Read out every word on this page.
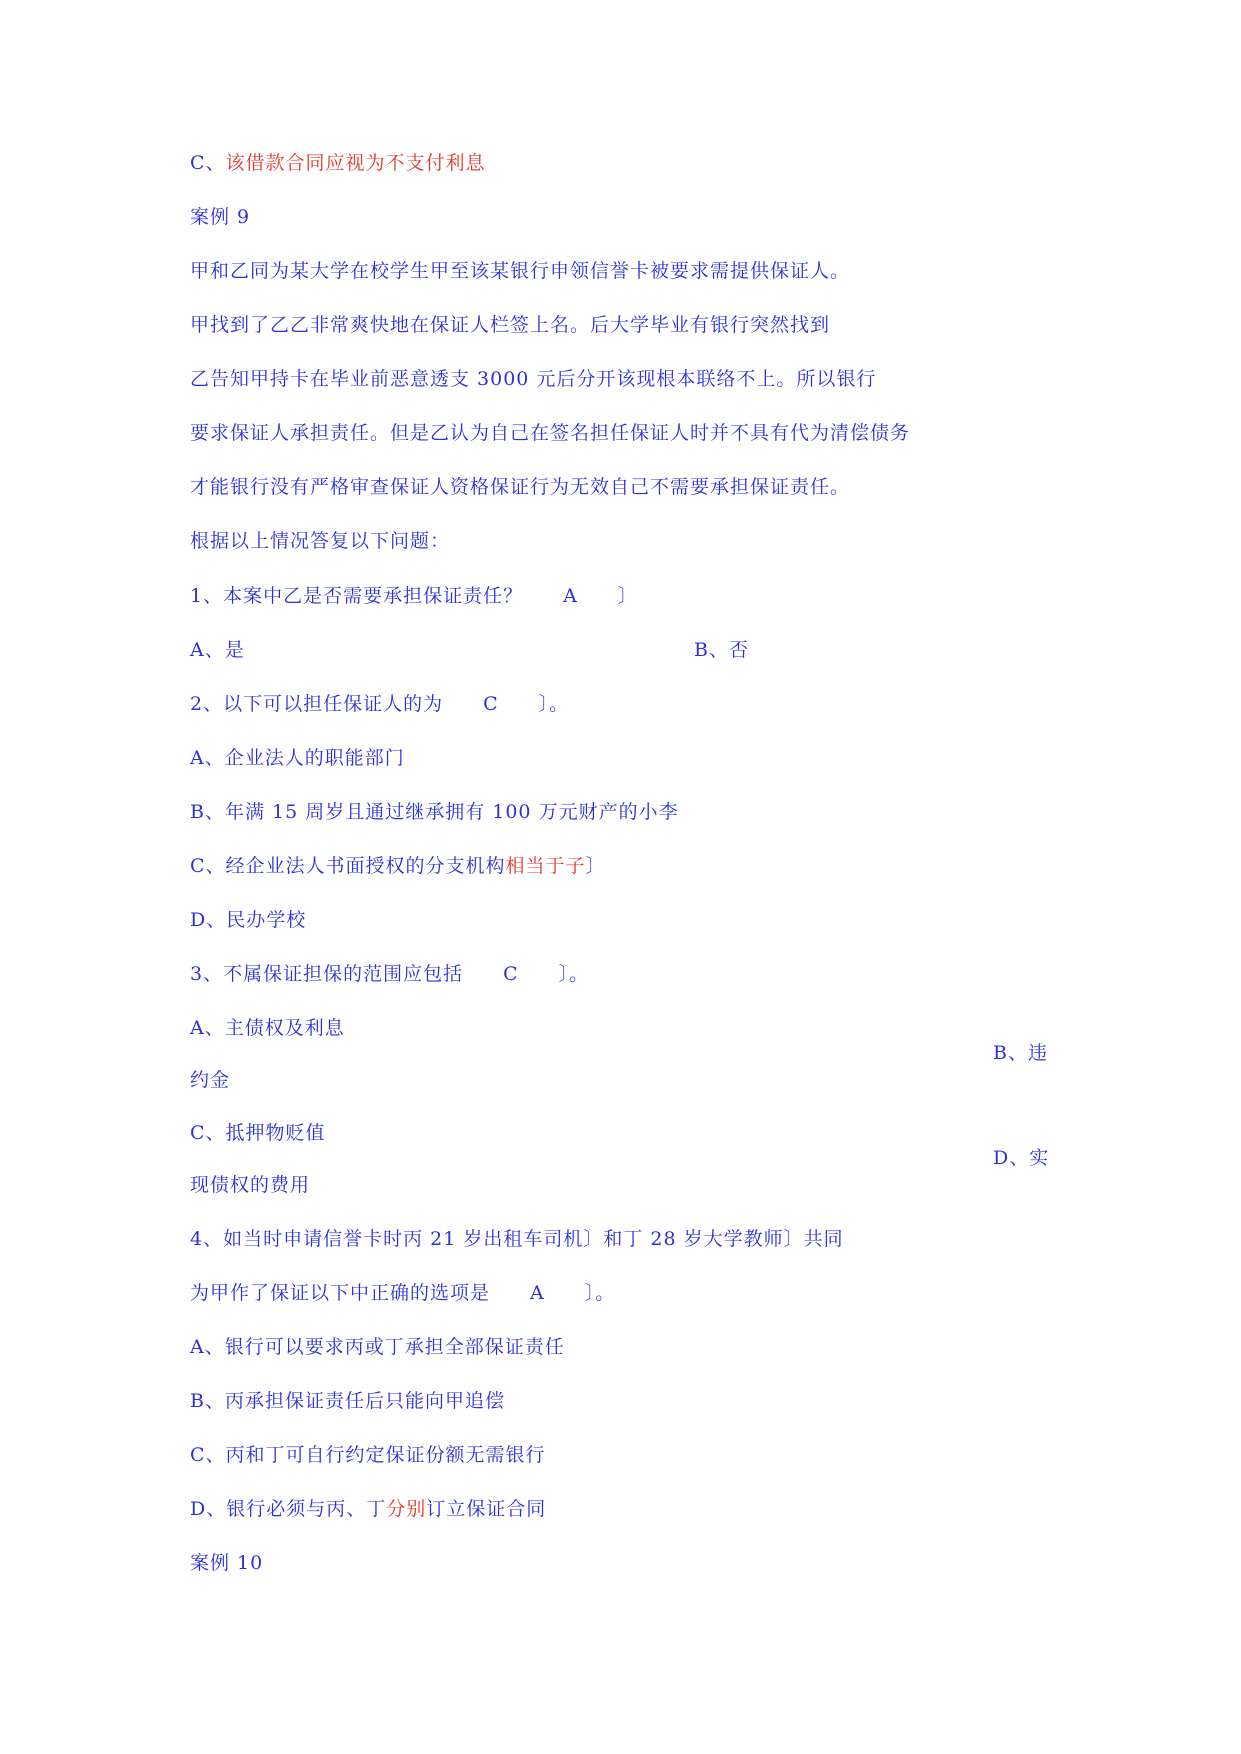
C、该借款合同应视为不支付利息
案例 9
甲和乙同为某大学在校学生甲至该某银行申领信誉卡被要求需提供保证人。
甲找到了乙乙非常爽快地在保证人栏签上名。后大学毕业有银行突然找到
乙告知甲持卡在毕业前恶意透支 3000 元后分开该现根本联络不上。所以银行
要求保证人承担责任。但是乙认为自己在签名担任保证人时并不具有代为清偿债务
才能银行没有严格审查保证人资格保证行为无效自己不需要承担保证责任。
根据以上情况答复以下问题：
1、本案中乙是否需要承担保证责任？　　A　　〕
A、是	B、否
2、以下可以担任保证人的为　　C　　〕。
A、企业法人的职能部门
B、年满 15 周岁且通过继承拥有 100 万元财产的小李
C、经企业法人书面授权的分支机构相当于子〕
D、民办学校
3、不属保证担保的范围应包括　　C　　〕。
A、主债权及利息
B、违
约金
C、抵押物贬值
D、实
现债权的费用
4、如当时申请信誉卡时丙 21 岁出租车司机〕和丁 28 岁大学教师〕共同
为甲作了保证以下中正确的选项是　　A　　〕。
A、银行可以要求丙或丁承担全部保证责任
B、丙承担保证责任后只能向甲追偿
C、丙和丁可自行约定保证份额无需银行
D、银行必须与丙、丁分别订立保证合同
案例 10
